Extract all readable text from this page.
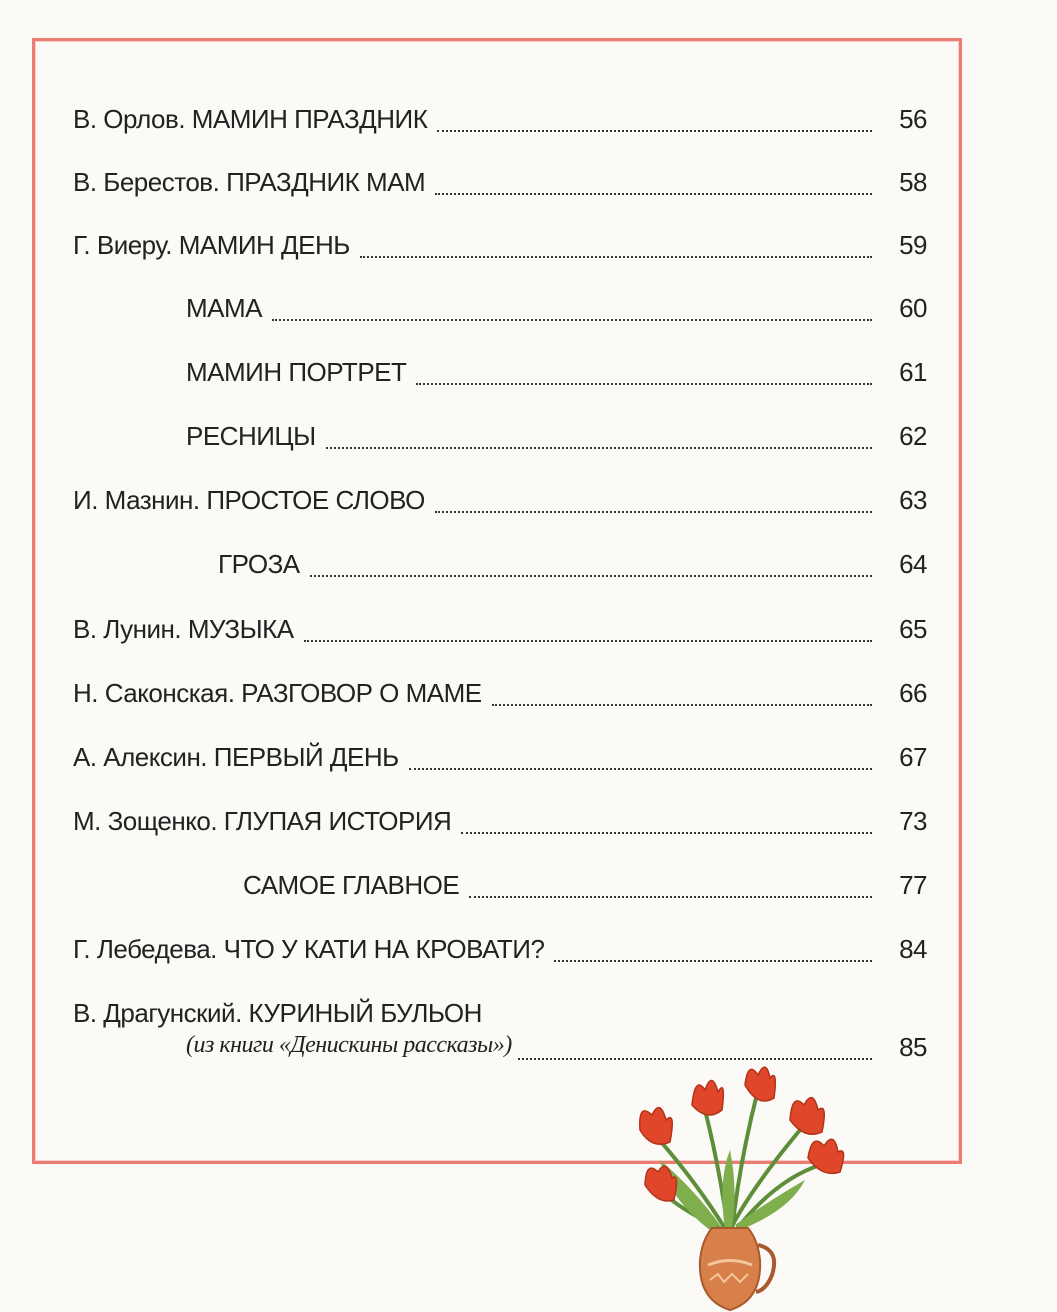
В. Орлов. МАМИН ПРАЗДНИК	56
В. Берестов. ПРАЗДНИК МАМ	58
Г. Виеру. МАМИН ДЕНЬ	59
МАМА	60
МАМИН ПОРТРЕТ	61
РЕСНИЦЫ	62
И. Мазнин. ПРОСТОЕ СЛОВО	63
ГРОЗА	64
В. Лунин. МУЗЫКА	65
Н. Саконская. РАЗГОВОР О МАМЕ	66
А. Алексин. ПЕРВЫЙ ДЕНЬ	67
М. Зощенко. ГЛУПАЯ ИСТОРИЯ	73
САМОЕ ГЛАВНОЕ	77
Г. Лебедева. ЧТО У КАТИ НА КРОВАТИ?	84
В. Драгунский. КУРИНЫЙ БУЛЬОН
(из книги «Денискины рассказы»)	85
